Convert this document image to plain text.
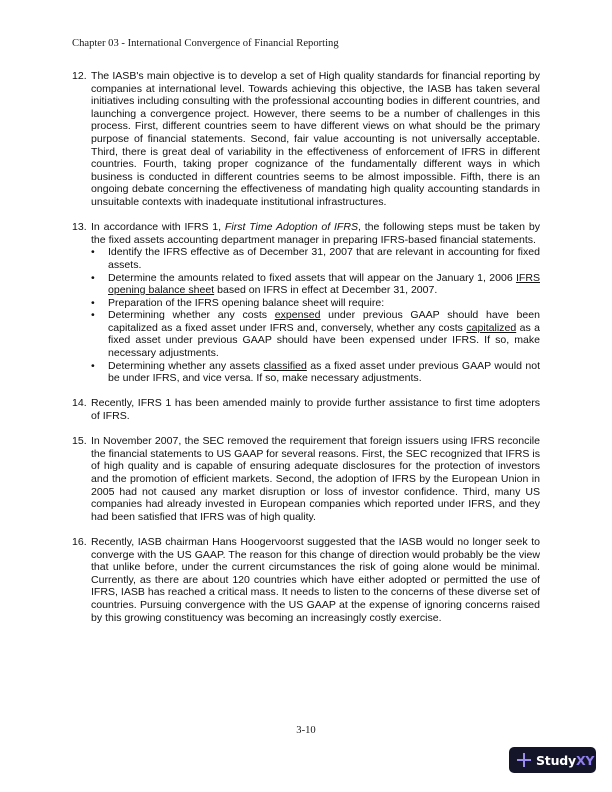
Chapter 03 - International Convergence of Financial Reporting
12. The IASB's main objective is to develop a set of High quality standards for financial reporting by companies at international level. Towards achieving this objective, the IASB has taken several initiatives including consulting with the professional accounting bodies in different countries, and launching a convergence project. However, there seems to be a number of challenges in this process. First, different countries seem to have different views on what should be the primary purpose of financial statements. Second, fair value accounting is not universally acceptable. Third, there is great deal of variability in the effectiveness of enforcement of IFRS in different countries. Fourth, taking proper cognizance of the fundamentally different ways in which business is conducted in different countries seems to be almost impossible. Fifth, there is an ongoing debate concerning the effectiveness of mandating high quality accounting standards in unsuitable contexts with inadequate institutional infrastructures.

13. In accordance with IFRS 1, First Time Adoption of IFRS, the following steps must be taken by the fixed assets accounting department manager in preparing IFRS-based financial statements.

• Identify the IFRS effective as of December 31, 2007 that are relevant in accounting for fixed assets.
• Determine the amounts related to fixed assets that will appear on the January 1, 2006 IFRS opening balance sheet based on IFRS in effect at December 31, 2007.
• Preparation of the IFRS opening balance sheet will require:
• Determining whether any costs expensed under previous GAAP should have been capitalized as a fixed asset under IFRS and, conversely, whether any costs capitalized as a fixed asset under previous GAAP should have been expensed under IFRS. If so, make necessary adjustments.
• Determining whether any assets classified as a fixed asset under previous GAAP would not be under IFRS, and vice versa. If so, make necessary adjustments.
14. Recently, IFRS 1 has been amended mainly to provide further assistance to first time adopters of IFRS.

15. In November 2007, the SEC removed the requirement that foreign issuers using IFRS reconcile the financial statements to US GAAP for several reasons. First, the SEC recognized that IFRS is of high quality and is capable of ensuring adequate disclosures for the protection of investors and the promotion of efficient markets. Second, the adoption of IFRS by the European Union in 2005 had not caused any market disruption or loss of investor confidence. Third, many US companies had already invested in European companies which reported under IFRS, and they had been satisfied that IFRS was of high quality.

16. Recently, IASB chairman Hans Hoogervoorst suggested that the IASB would no longer seek to converge with the US GAAP. The reason for this change of direction would probably be the view that unlike before, under the current circumstances the risk of going alone would be minimal. Currently, as there are about 120 countries which have either adopted or permitted the use of IFRS, IASB has reached a critical mass. It needs to listen to the concerns of these diverse set of countries. Pursuing convergence with the US GAAP at the expense of ignoring concerns raised by this growing constituency was becoming an increasingly costly exercise.

3-10
StudyXY
